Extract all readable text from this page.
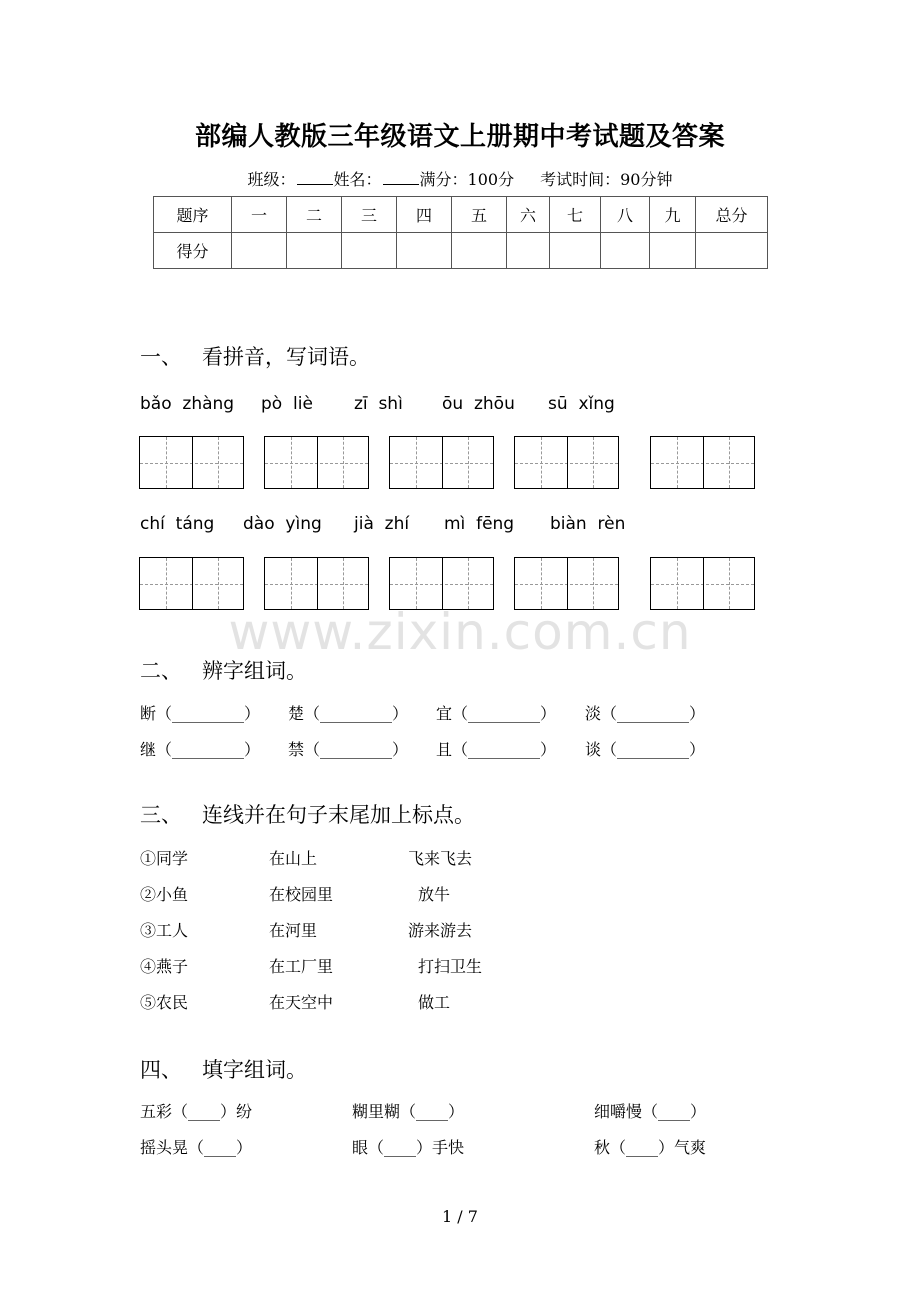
部编人教版三年级语文上册期中考试题及答案
班级： 姓名： 满分：100分 考试时间：90分钟
题序	一	二	三	四	五	六	七	八	九	总分
得分										
一、 看拼音，写词语。
bǎo  zhàng pò  liè zī  shì ōu  zhōu sū  xǐng
chí  táng dào  yìng jià  zhí mì  fēng biàn  rèn
www.zixin.com.cn
二、 辨字组词。
断（_________） 楚（_________） 宜（_________） 淡（_________）
继（_________） 禁（_________） 且（_________） 谈（_________）
三、 连线并在句子末尾加上标点。
①同学	在山上	飞来飞去
②小鱼	在校园里	放牛
③工人	在河里	游来游去
④燕子	在工厂里	打扫卫生
⑤农民	在天空中	做工
四、 填字组词。
五彩（____）纷	糊里糊（____）	细嚼慢（____）
摇头晃（____）	眼（____）手快	秋（____）气爽
1 / 7
